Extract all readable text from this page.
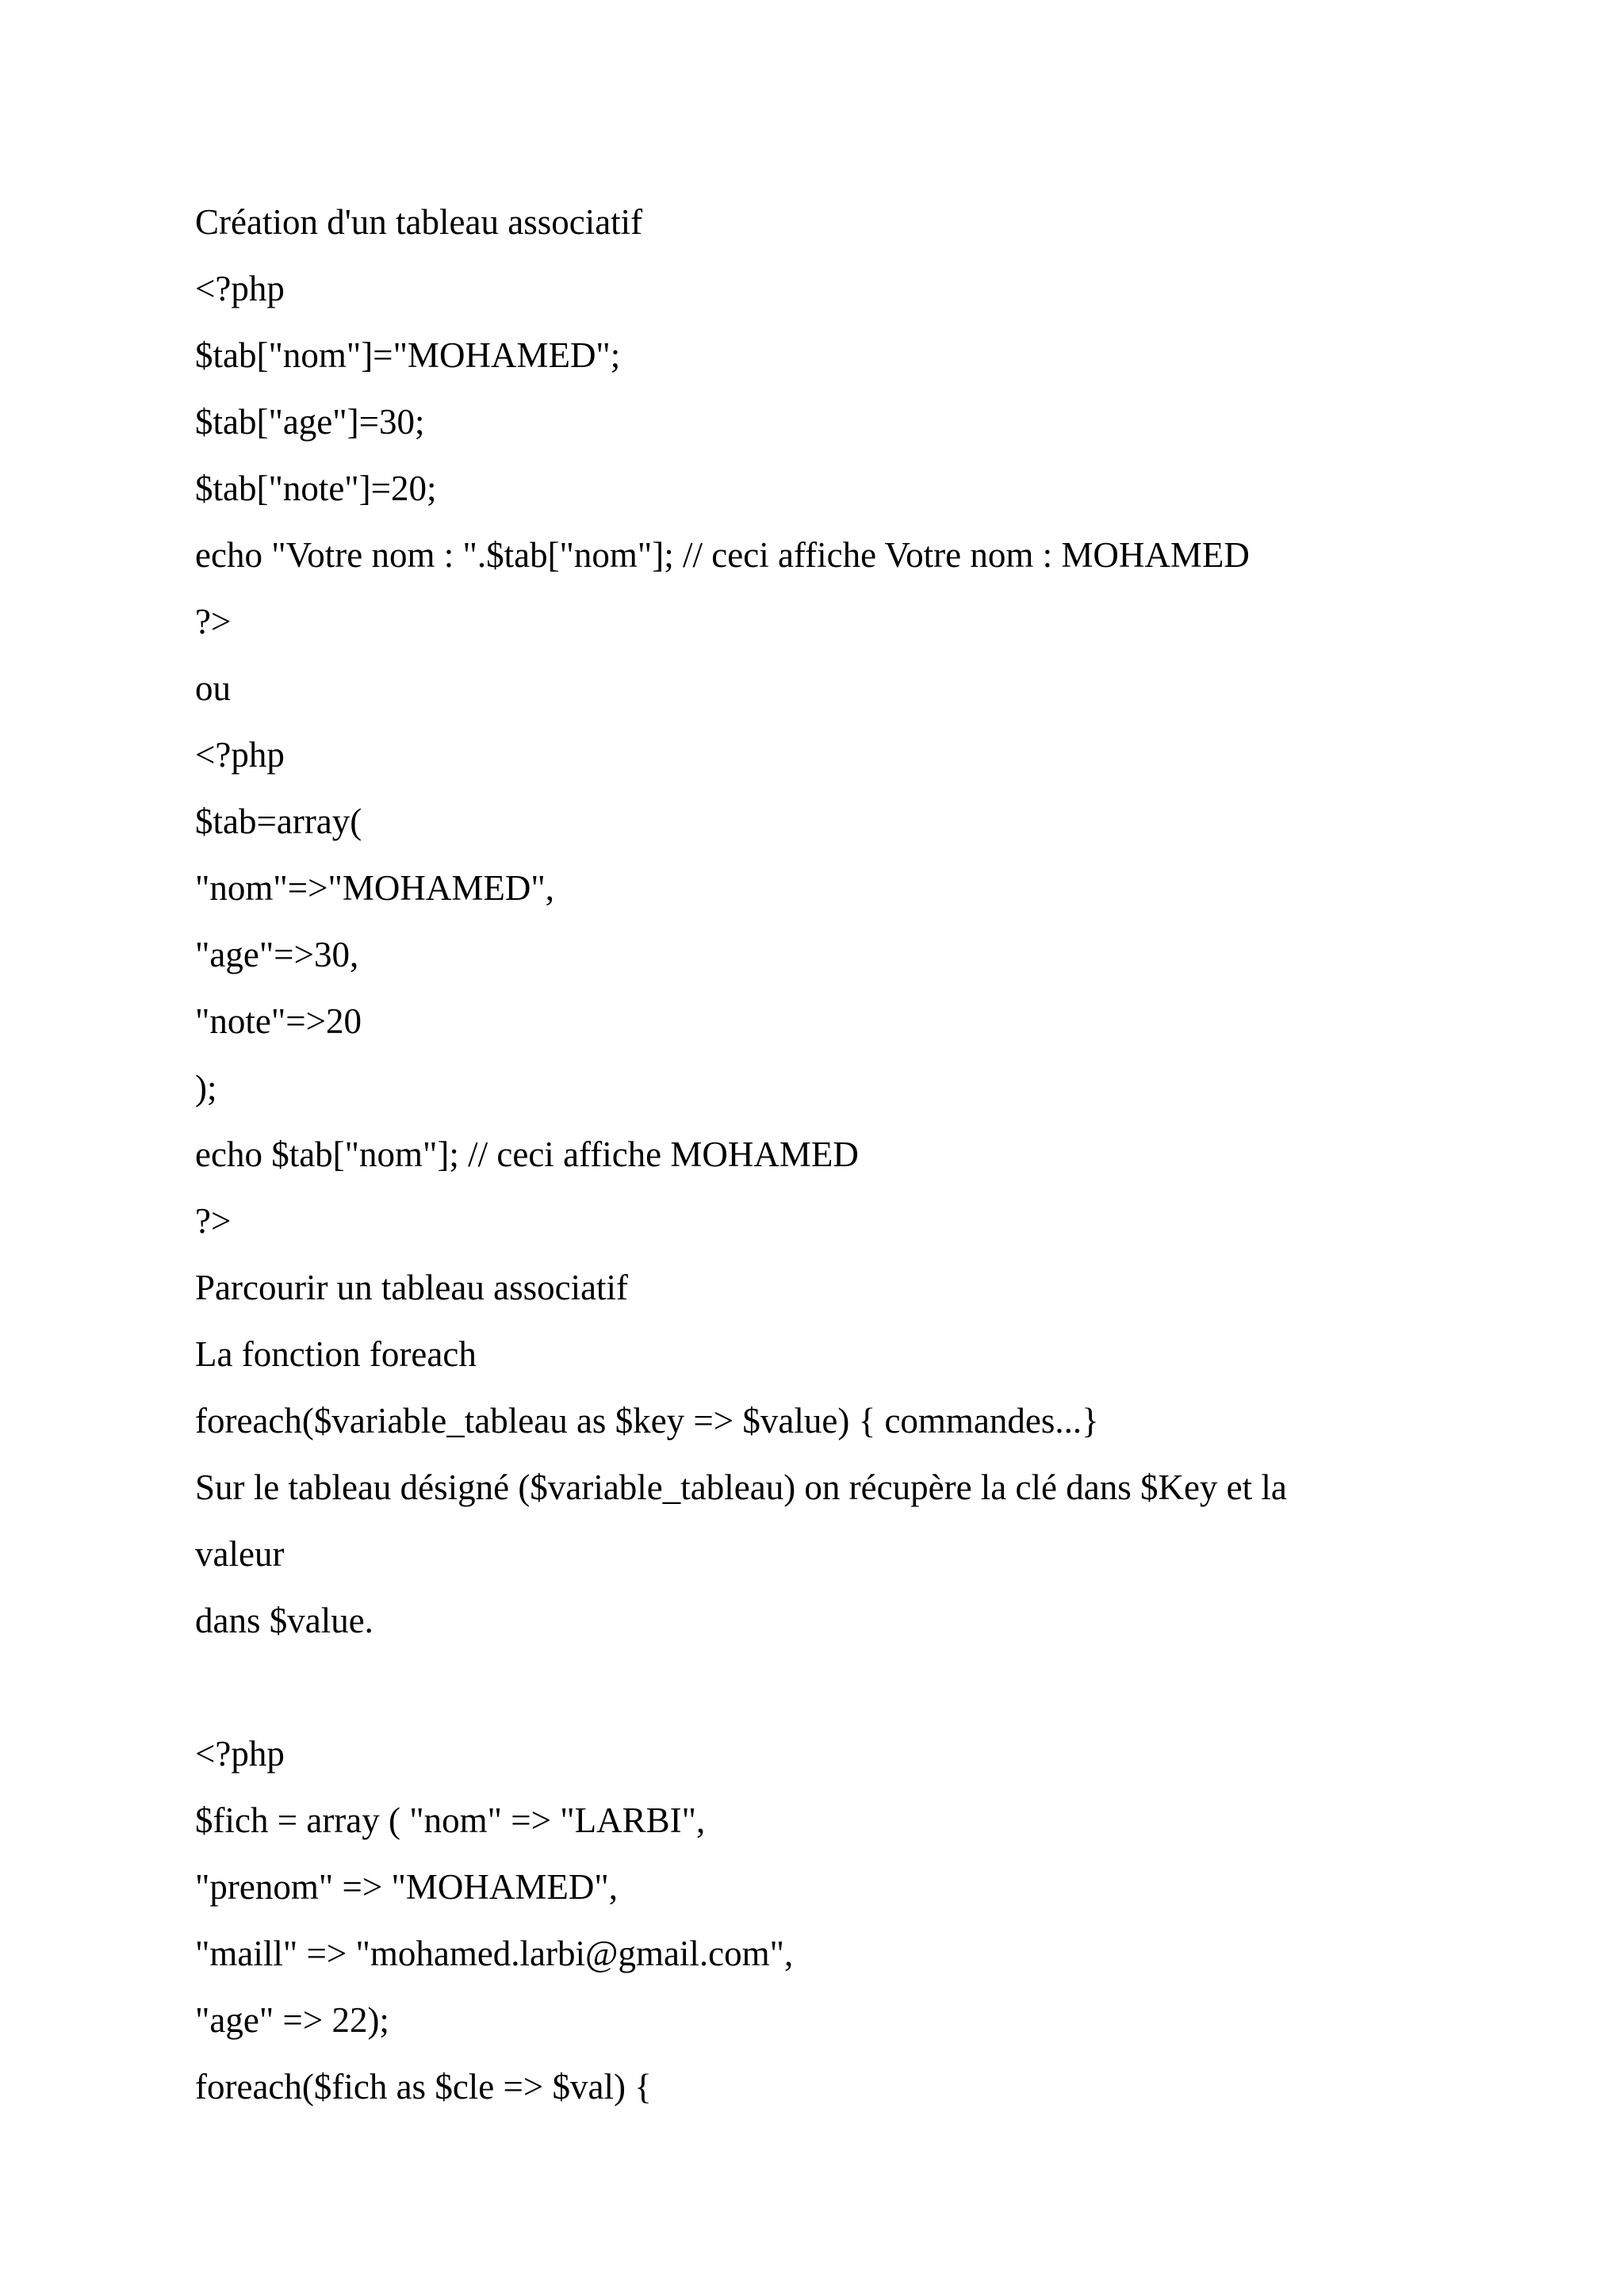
Création d'un tableau associatif
<?php
$tab["nom"]="MOHAMED";
$tab["age"]=30;
$tab["note"]=20;
echo "Votre nom : ".$tab["nom"]; // ceci affiche Votre nom : MOHAMED
?>
ou
<?php
$tab=array(
"nom"=>"MOHAMED",
"age"=>30,
"note"=>20
);
echo $tab["nom"]; // ceci affiche MOHAMED
?>
Parcourir un tableau associatif
La fonction foreach
foreach($variable_tableau as $key => $value) { commandes...}
Sur le tableau désigné ($variable_tableau) on récupère la clé dans $Key et la
valeur
dans $value.
<?php
$fich = array ( "nom" => "LARBI",
"prenom" => "MOHAMED",
"maill" => "mohamed.larbi@gmail.com",
"age" => 22);
foreach($fich as $cle => $val) {
